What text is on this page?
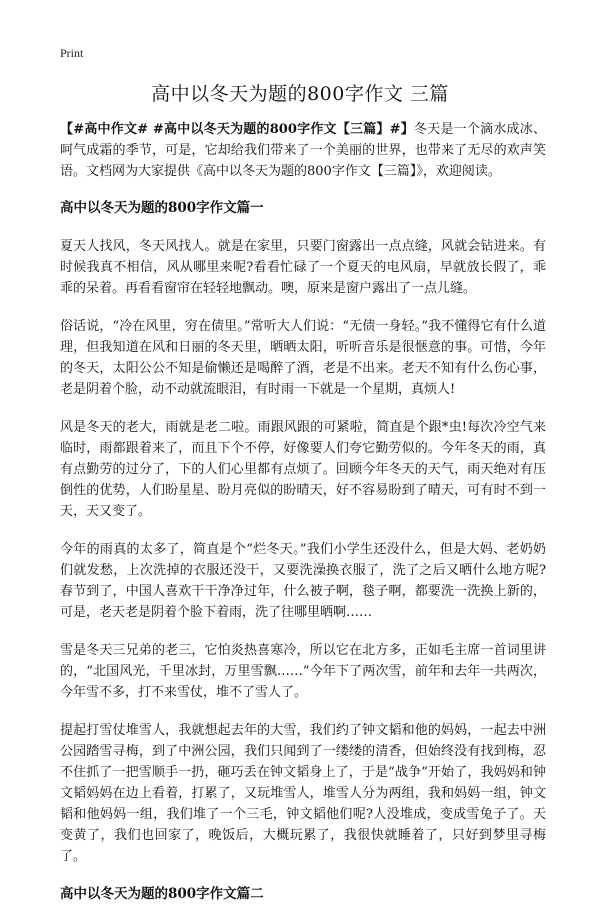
Print
高中以冬天为题的800字作文 三篇

【#高中作文# #高中以冬天为题的800字作文【三篇】#】冬天是一个滴水成冰、呵气成霜的季节，可是，它却给我们带来了一个美丽的世界，也带来了无尽的欢声笑语。文档网为大家提供《高中以冬天为题的800字作文【三篇】》，欢迎阅读。

高中以冬天为题的800字作文篇一

夏天人找风，冬天风找人。就是在家里，只要门窗露出一点点缝，风就会钻进来。有时候我真不相信，风从哪里来呢?看看忙碌了一个夏天的电风扇，早就放长假了，乖乖的呆着。再看看窗帘在轻轻地飘动。噢，原来是窗户露出了一点儿缝。

俗话说，“冷在风里，穷在债里。”常听大人们说：“无债一身轻。”我不懂得它有什么道理，但我知道在风和日丽的冬天里，晒晒太阳，听听音乐是很惬意的事。可惜，今年的冬天，太阳公公不知是偷懒还是喝醉了酒，老是不出来。老天不知有什么伤心事，老是阴着个脸，动不动就流眼泪，有时雨一下就是一个星期，真烦人!

风是冬天的老大，雨就是老二啦。雨跟风跟的可紧啦，简直是个跟*虫!每次冷空气来临时，雨都跟着来了，而且下个不停，好像要人们夸它勤劳似的。今年冬天的雨，真有点勤劳的过分了，下的人们心里都有点烦了。回顾今年冬天的天气，雨天绝对有压倒性的优势，人们盼星星、盼月亮似的盼晴天，好不容易盼到了晴天，可有时不到一天，天又变了。

今年的雨真的太多了，简直是个“烂冬天。”我们小学生还没什么，但是大妈、老奶奶们就发愁，上次洗掉的衣服还没干，又要洗澡换衣服了，洗了之后又晒什么地方呢?春节到了，中国人喜欢干干净净过年，什么被子啊，毯子啊，都要洗一洗换上新的，可是，老天老是阴着个脸下着雨，洗了往哪里晒啊……

雪是冬天三兄弟的老三，它怕炎热喜寒冷，所以它在北方多，正如毛主席一首词里讲的，“北国风光，千里冰封，万里雪飘……”今年下了两次雪，前年和去年一共两次，今年雪不多，打不来雪仗，堆不了雪人了。

提起打雪仗堆雪人，我就想起去年的大雪，我们约了钟文韬和他的妈妈，一起去中洲公园踏雪寻梅，到了中洲公园，我们只闻到了一缕缕的清香，但始终没有找到梅，忍不住抓了一把雪顺手一扔，砸巧丢在钟文韬身上了，于是“战争”开始了，我妈妈和钟文韬妈妈在边上看着，打累了，又玩堆雪人，堆雪人分为两组，我和妈妈一组，钟文韬和他妈妈一组，我们堆了一个三毛，钟文韬他们呢?人没堆成，变成雪兔子了。天变黄了，我们也回家了，晚饭后，大概玩累了，我很快就睡着了，只好到梦里寻梅了。

高中以冬天为题的800字作文篇二
